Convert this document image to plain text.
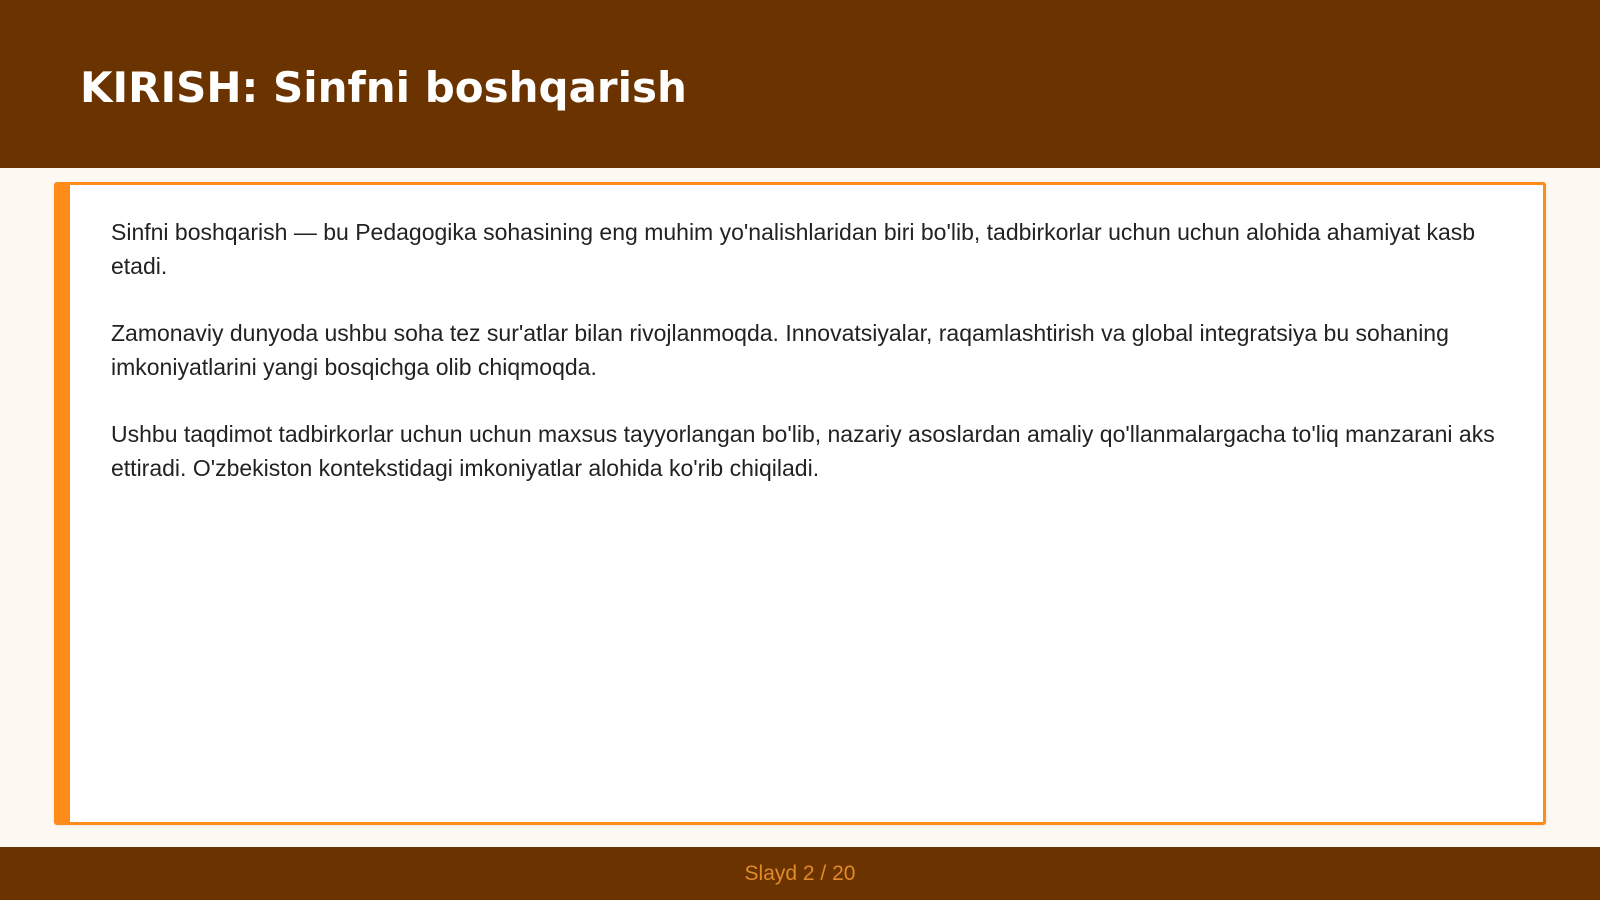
KIRISH: Sinfni boshqarish

Sinfni boshqarish — bu Pedagogika sohasining eng muhim yo'nalishlaridan biri bo'lib, tadbirkorlar uchun uchun alohida ahamiyat kasb etadi.

Zamonaviy dunyoda ushbu soha tez sur'atlar bilan rivojlanmoqda. Innovatsiyalar, raqamlashtirish va global integratsiya bu sohaning imkoniyatlarini yangi bosqichga olib chiqmoqda.

Ushbu taqdimot tadbirkorlar uchun uchun maxsus tayyorlangan bo'lib, nazariy asoslardan amaliy qo'llanmalargacha to'liq manzarani aks ettiradi. O'zbekiston kontekstidagi imkoniyatlar alohida ko'rib chiqiladi.

Slayd 2 / 20
